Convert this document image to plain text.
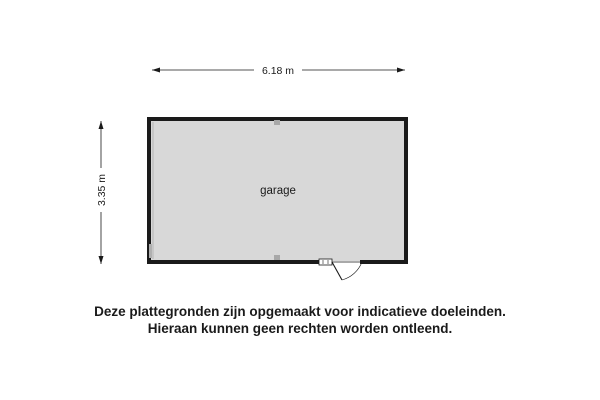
6.18 m
3.35 m	garage
Deze plattegronden zijn opgemaakt voor indicatieve doeleinden.
Hieraan kunnen geen rechten worden ontleend.
